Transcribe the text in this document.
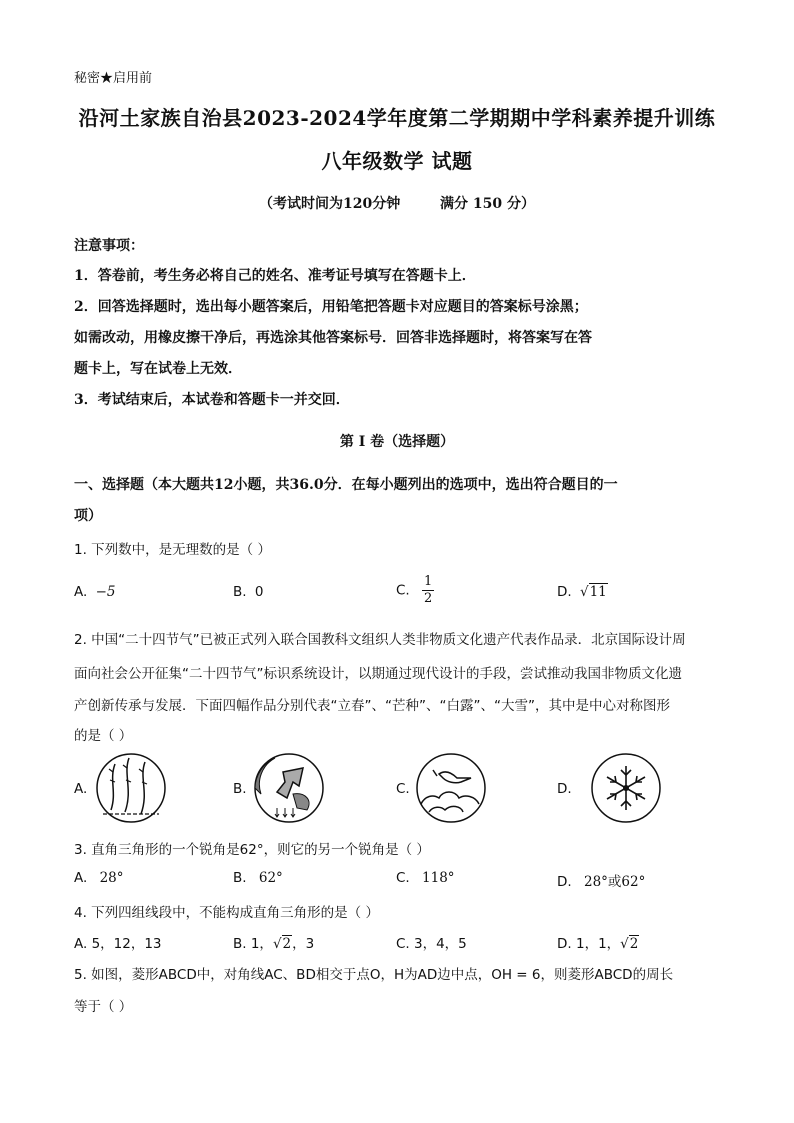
秘密★启用前
沿河土家族自治县2023-2024学年度第二学期期中学科素养提升训练
八年级数学 试题
（考试时间为120分钟	满分 150 分）
注意事项：
1．答卷前，考生务必将自己的姓名、准考证号填写在答题卡上．
2．回答选择题时，选出每小题答案后，用铅笔把答题卡对应题目的答案标号涂黑；
如需改动，用橡皮擦干净后，再选涂其他答案标号．回答非选择题时，将答案写在答
题卡上，写在试卷上无效．
3．考试结束后，本试卷和答题卡一并交回．
第 I 卷（选择题）
一、选择题（本大题共12小题，共36.0分．在每小题列出的选项中，选出符合题目的一
项）
1. 下列数中，是无理数的是（ ）
A. −5	B. 0	C. $\frac{1}{2}$	D. √11
2. 中国“二十四节气”已被正式列入联合国教科文组织人类非物质文化遗产代表作品录．北京国际设计周
面向社会公开征集“二十四节气”标识系统设计，以期通过现代设计的手段，尝试推动我国非物质文化遗
产创新传承与发展．下面四幅作品分别代表“立春”、“芒种”、“白露”、“大雪”，其中是中心对称图形
的是（ ）
A.	B.	C.	D.
3. 直角三角形的一个锐角是62°，则它的另一个锐角是（ ）
A. 28°	B. 62°	C. 118°	D. 28°或62°
4. 下列四组线段中，不能构成直角三角形的是（ ）
A. 5，12，13	B. 1，√2，3	C. 3，4，5	D. 1，1，√2
5. 如图，菱形ABCD中，对角线AC、BD相交于点O，H为AD边中点，OH = 6，则菱形ABCD的周长
等于（ ）
